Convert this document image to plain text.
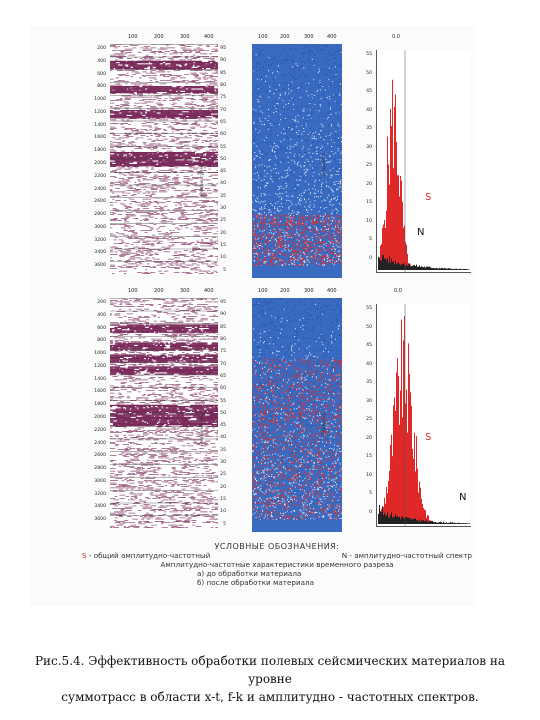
100	200	300	400
200
400
600
800
1000
1200
1400
1600
1800
2000
2200
2400
2600
2800
3000
3200
3400
3600
100 200	300	400
95
90
85
80
75
70
65
60
55
50
45
40
35
30
25
20
15
10
5
Frequency (Hz)
0.0
55
50
45
40
35
30
25
20
15
10
5
0
Frequency
S
N
100	200	300	400
200
400
600
800
1000
1200
1400
1600
1800
2000
2200
2400
2600
2800
3000
3200
3400
3600
100 200	300	400
95
90
85
80
75
70
65
60
55
50
45
40
35
30
25
20
15
10
5
Frequency (Hz)
0.0
55
50
45
40
35
30
25
20
15
10
5
0
Frequency
S
N
УСЛОВНЫЕ ОБОЗНАЧЕНИЯ:
S - общий амплитудно-частотный	N - амплитудно-частотный спектр
Амплитудно-частотные характеристики временного разреза
а) до обработки материала
б) после обработки материала
Рис.5.4. Эффективность обработки полевых сейсмических материалов на уровне
суммотрасс в области x-t, f-k и амплитудно - частотных спектров.
